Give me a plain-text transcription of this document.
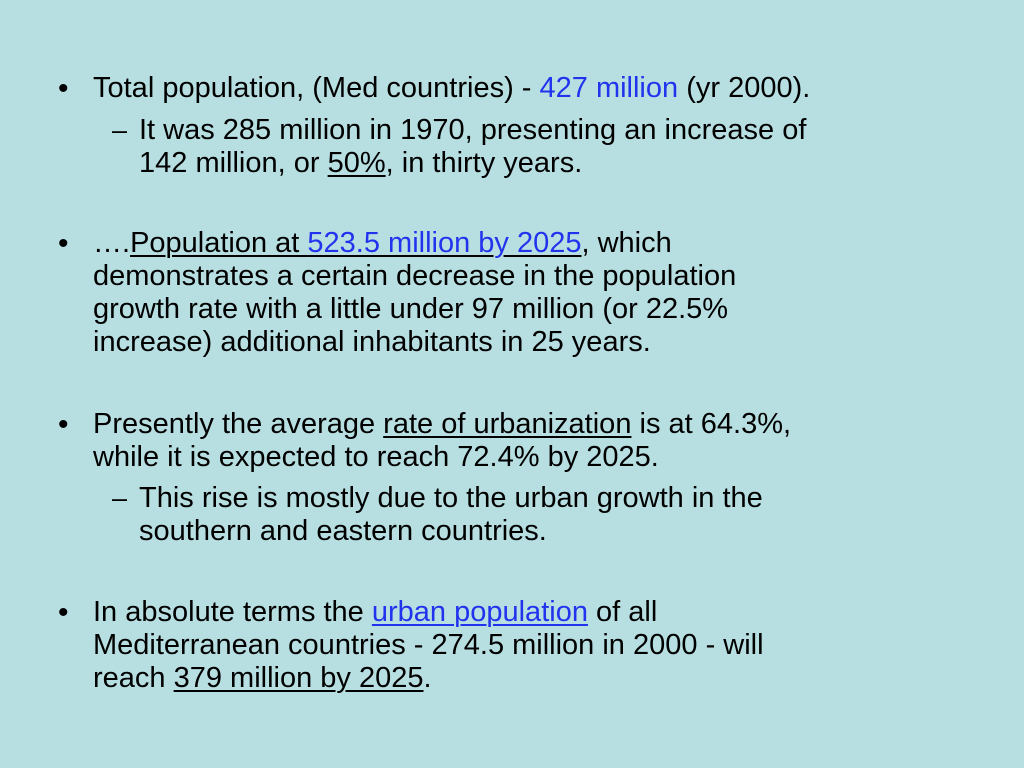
• Total population, (Med countries) - 427 million (yr 2000).
– It was 285 million in 1970, presenting an increase of
142 million, or 50%, in thirty years.
• ….Population at 523.5 million by 2025, which
demonstrates a certain decrease in the population
growth rate with a little under 97 million (or 22.5%
increase) additional inhabitants in 25 years.
• Presently the average rate of urbanization is at 64.3%,
while it is expected to reach 72.4% by 2025.
– This rise is mostly due to the urban growth in the
southern and eastern countries.
• In absolute terms the urban population of all
Mediterranean countries - 274.5 million in 2000 - will
reach 379 million by 2025.
